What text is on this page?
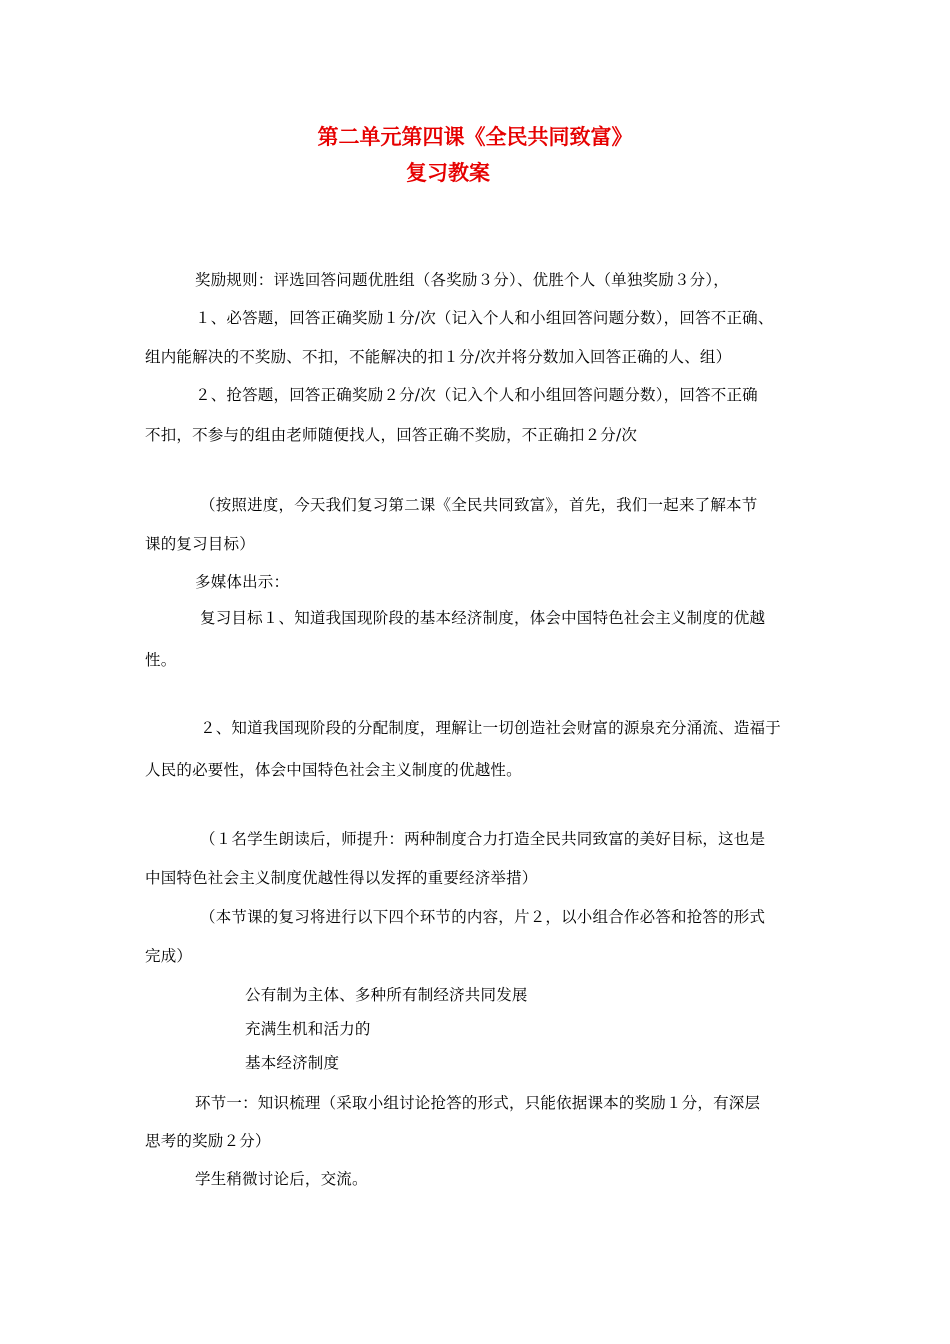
第二单元第四课《全民共同致富》
复习教案
奖励规则：评选回答问题优胜组（各奖励３分）、优胜个人（单独奖励３分），
１、必答题，回答正确奖励１分/次（记入个人和小组回答问题分数），回答不正确、
组内能解决的不奖励、不扣，不能解决的扣１分/次并将分数加入回答正确的人、组）
２、抢答题，回答正确奖励２分/次（记入个人和小组回答问题分数），回答不正确
不扣，不参与的组由老师随便找人，回答正确不奖励，不正确扣２分/次
（按照进度，今天我们复习第二课《全民共同致富》，首先，我们一起来了解本节
课的复习目标）
多媒体出示：
复习目标１、知道我国现阶段的基本经济制度，体会中国特色社会主义制度的优越
性。
２、知道我国现阶段的分配制度，理解让一切创造社会财富的源泉充分涌流、造福于
人民的必要性，体会中国特色社会主义制度的优越性。
（１名学生朗读后，师提升：两种制度合力打造全民共同致富的美好目标，这也是
中国特色社会主义制度优越性得以发挥的重要经济举措）
（本节课的复习将进行以下四个环节的内容，片２，以小组合作必答和抢答的形式
完成）
公有制为主体、多种所有制经济共同发展
充满生机和活力的
基本经济制度
环节一：知识梳理（采取小组讨论抢答的形式，只能依据课本的奖励１分，有深层
思考的奖励２分）
学生稍微讨论后，交流。
